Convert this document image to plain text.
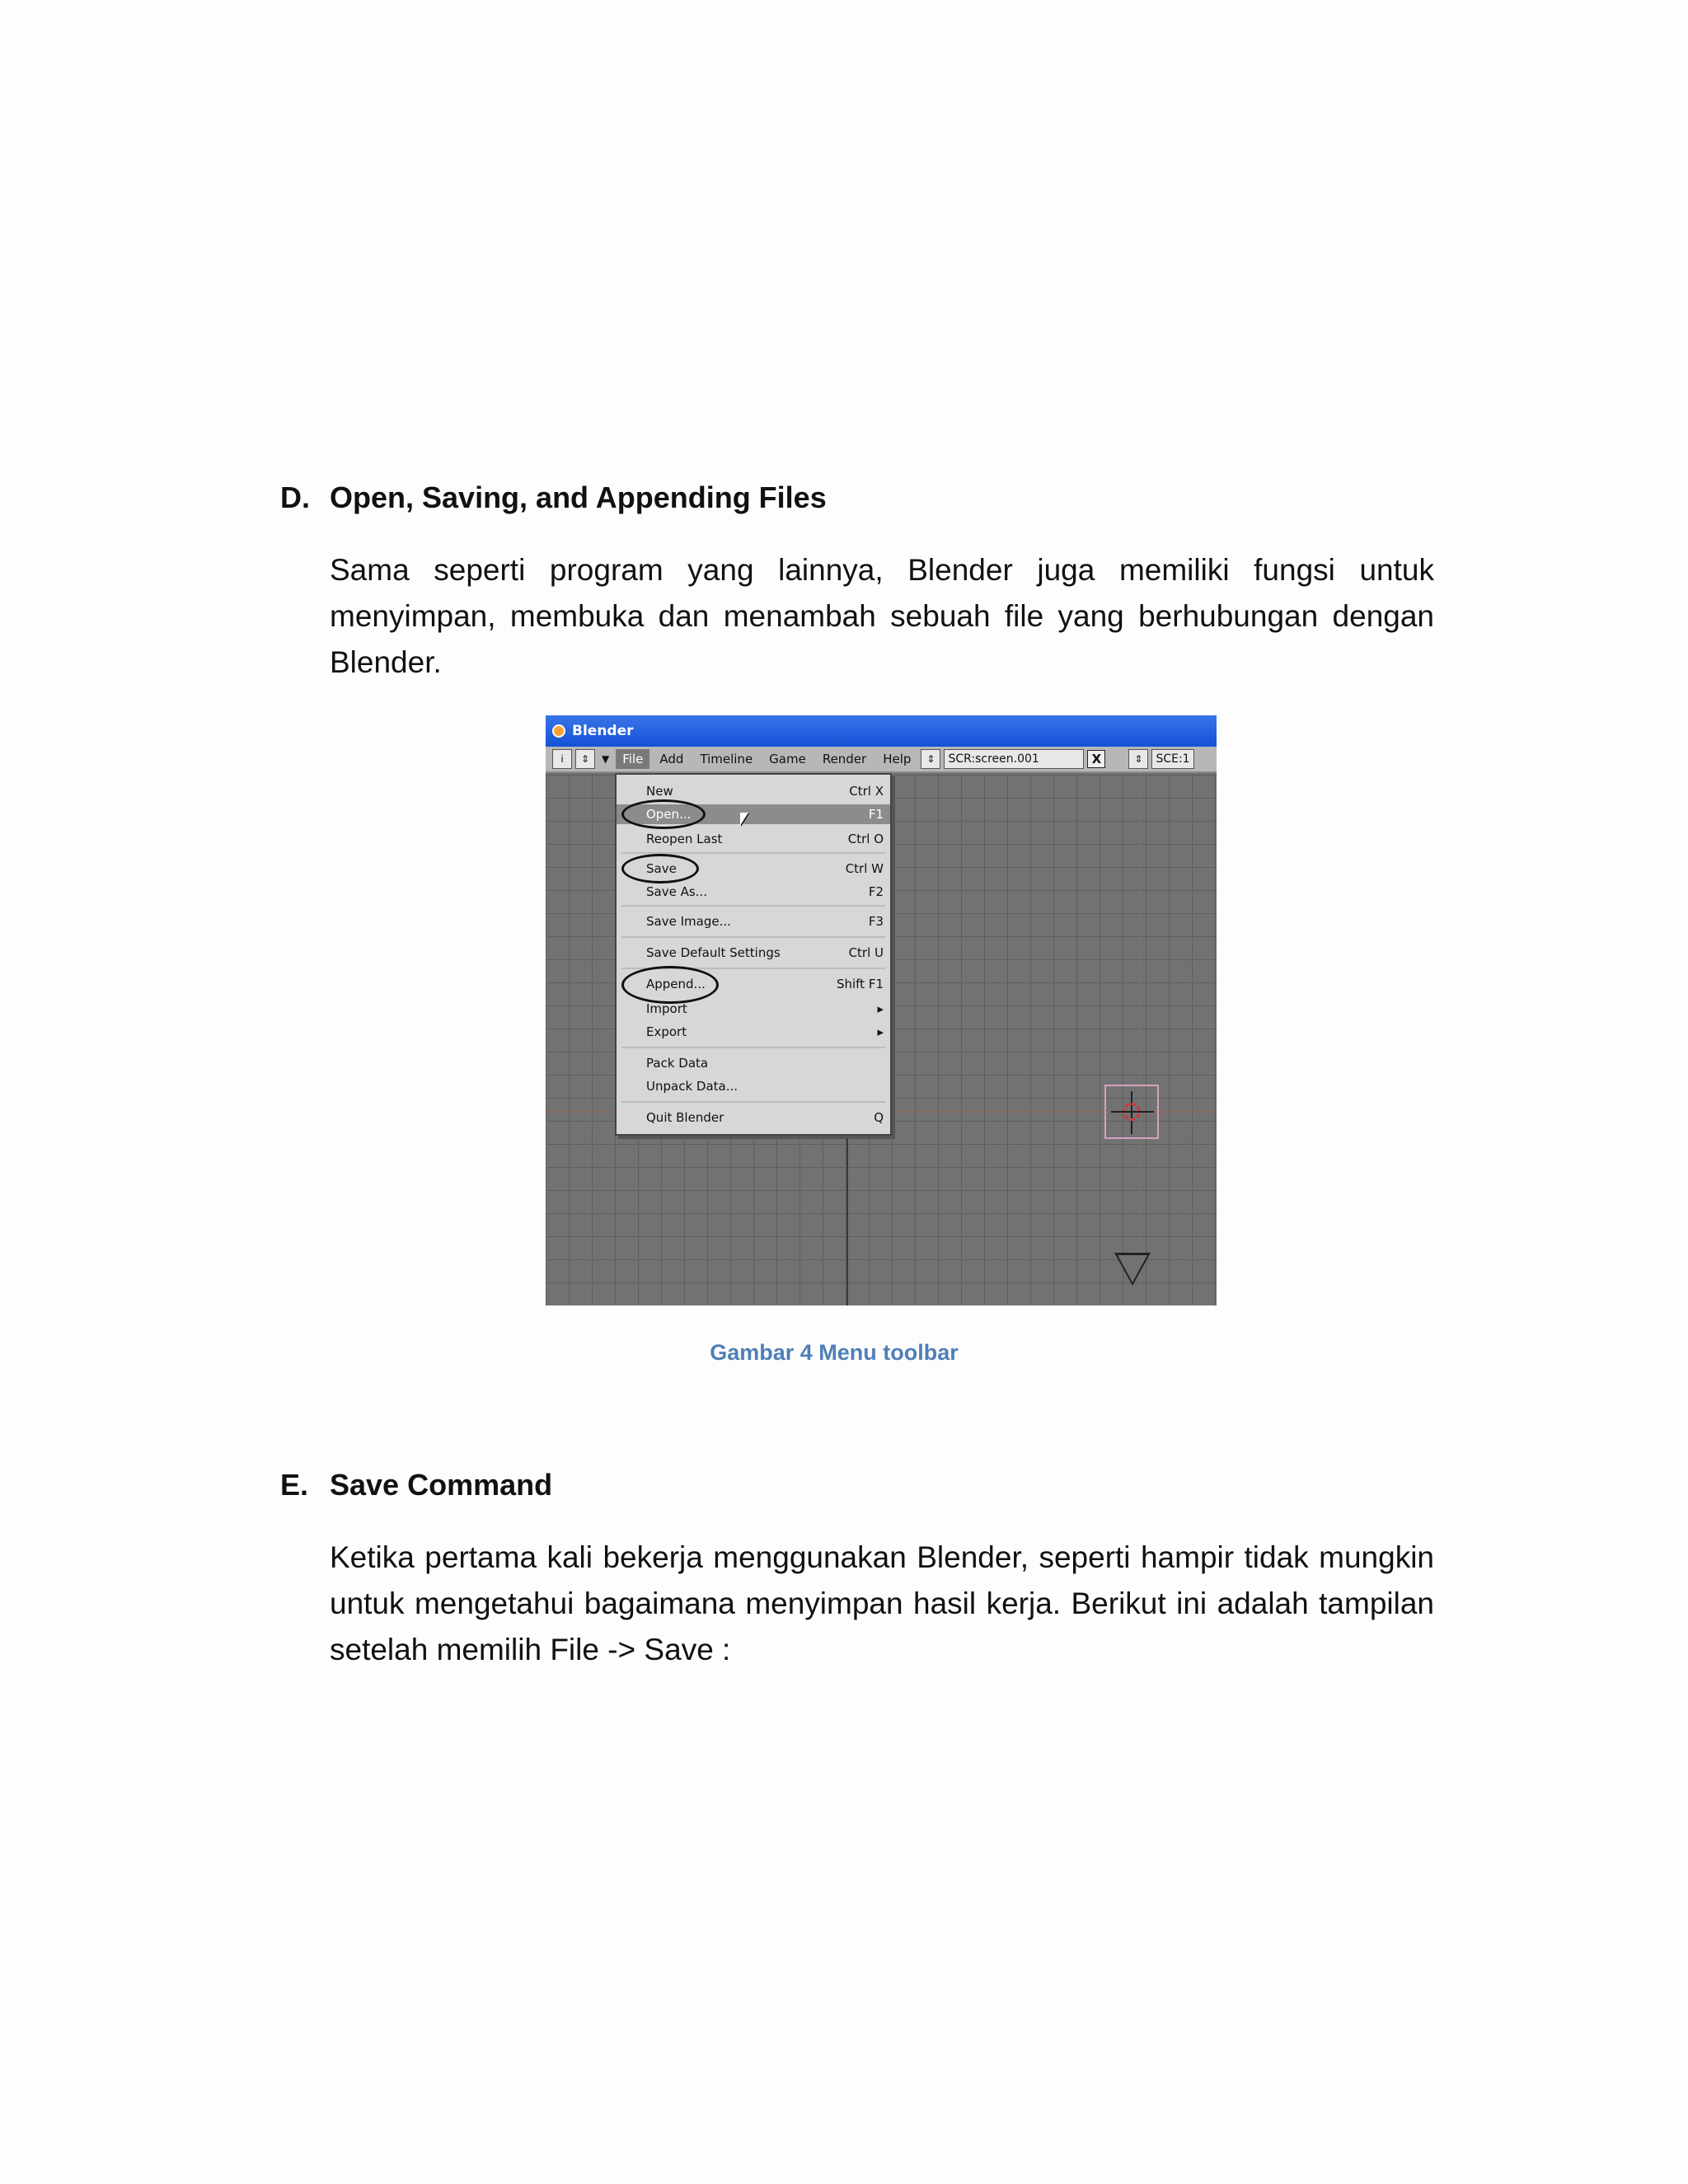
D. Open, Saving, and Appending Files

Sama seperti program yang lainnya, Blender juga memiliki fungsi untuk menyimpan, membuka dan menambah sebuah file yang berhubungan dengan Blender.

Blender
i	⇕	▼	File	Add	Timeline	Game	Render	Help	⇕	SCR:screen.001	X	⇕	SCE:1
New	Ctrl X
Open...	F1
Reopen Last	Ctrl O
Save	Ctrl W
Save As...	F2
Save Image...	F3
Save Default Settings	Ctrl U
Append...	Shift F1
Import	▸
Export	▸
Pack Data
Unpack Data...
Quit Blender	Q
Gambar 4 Menu toolbar
E. Save Command

Ketika pertama kali bekerja menggunakan Blender, seperti hampir tidak mungkin untuk mengetahui bagaimana menyimpan hasil kerja. Berikut ini adalah tampilan setelah memilih File -> Save :
